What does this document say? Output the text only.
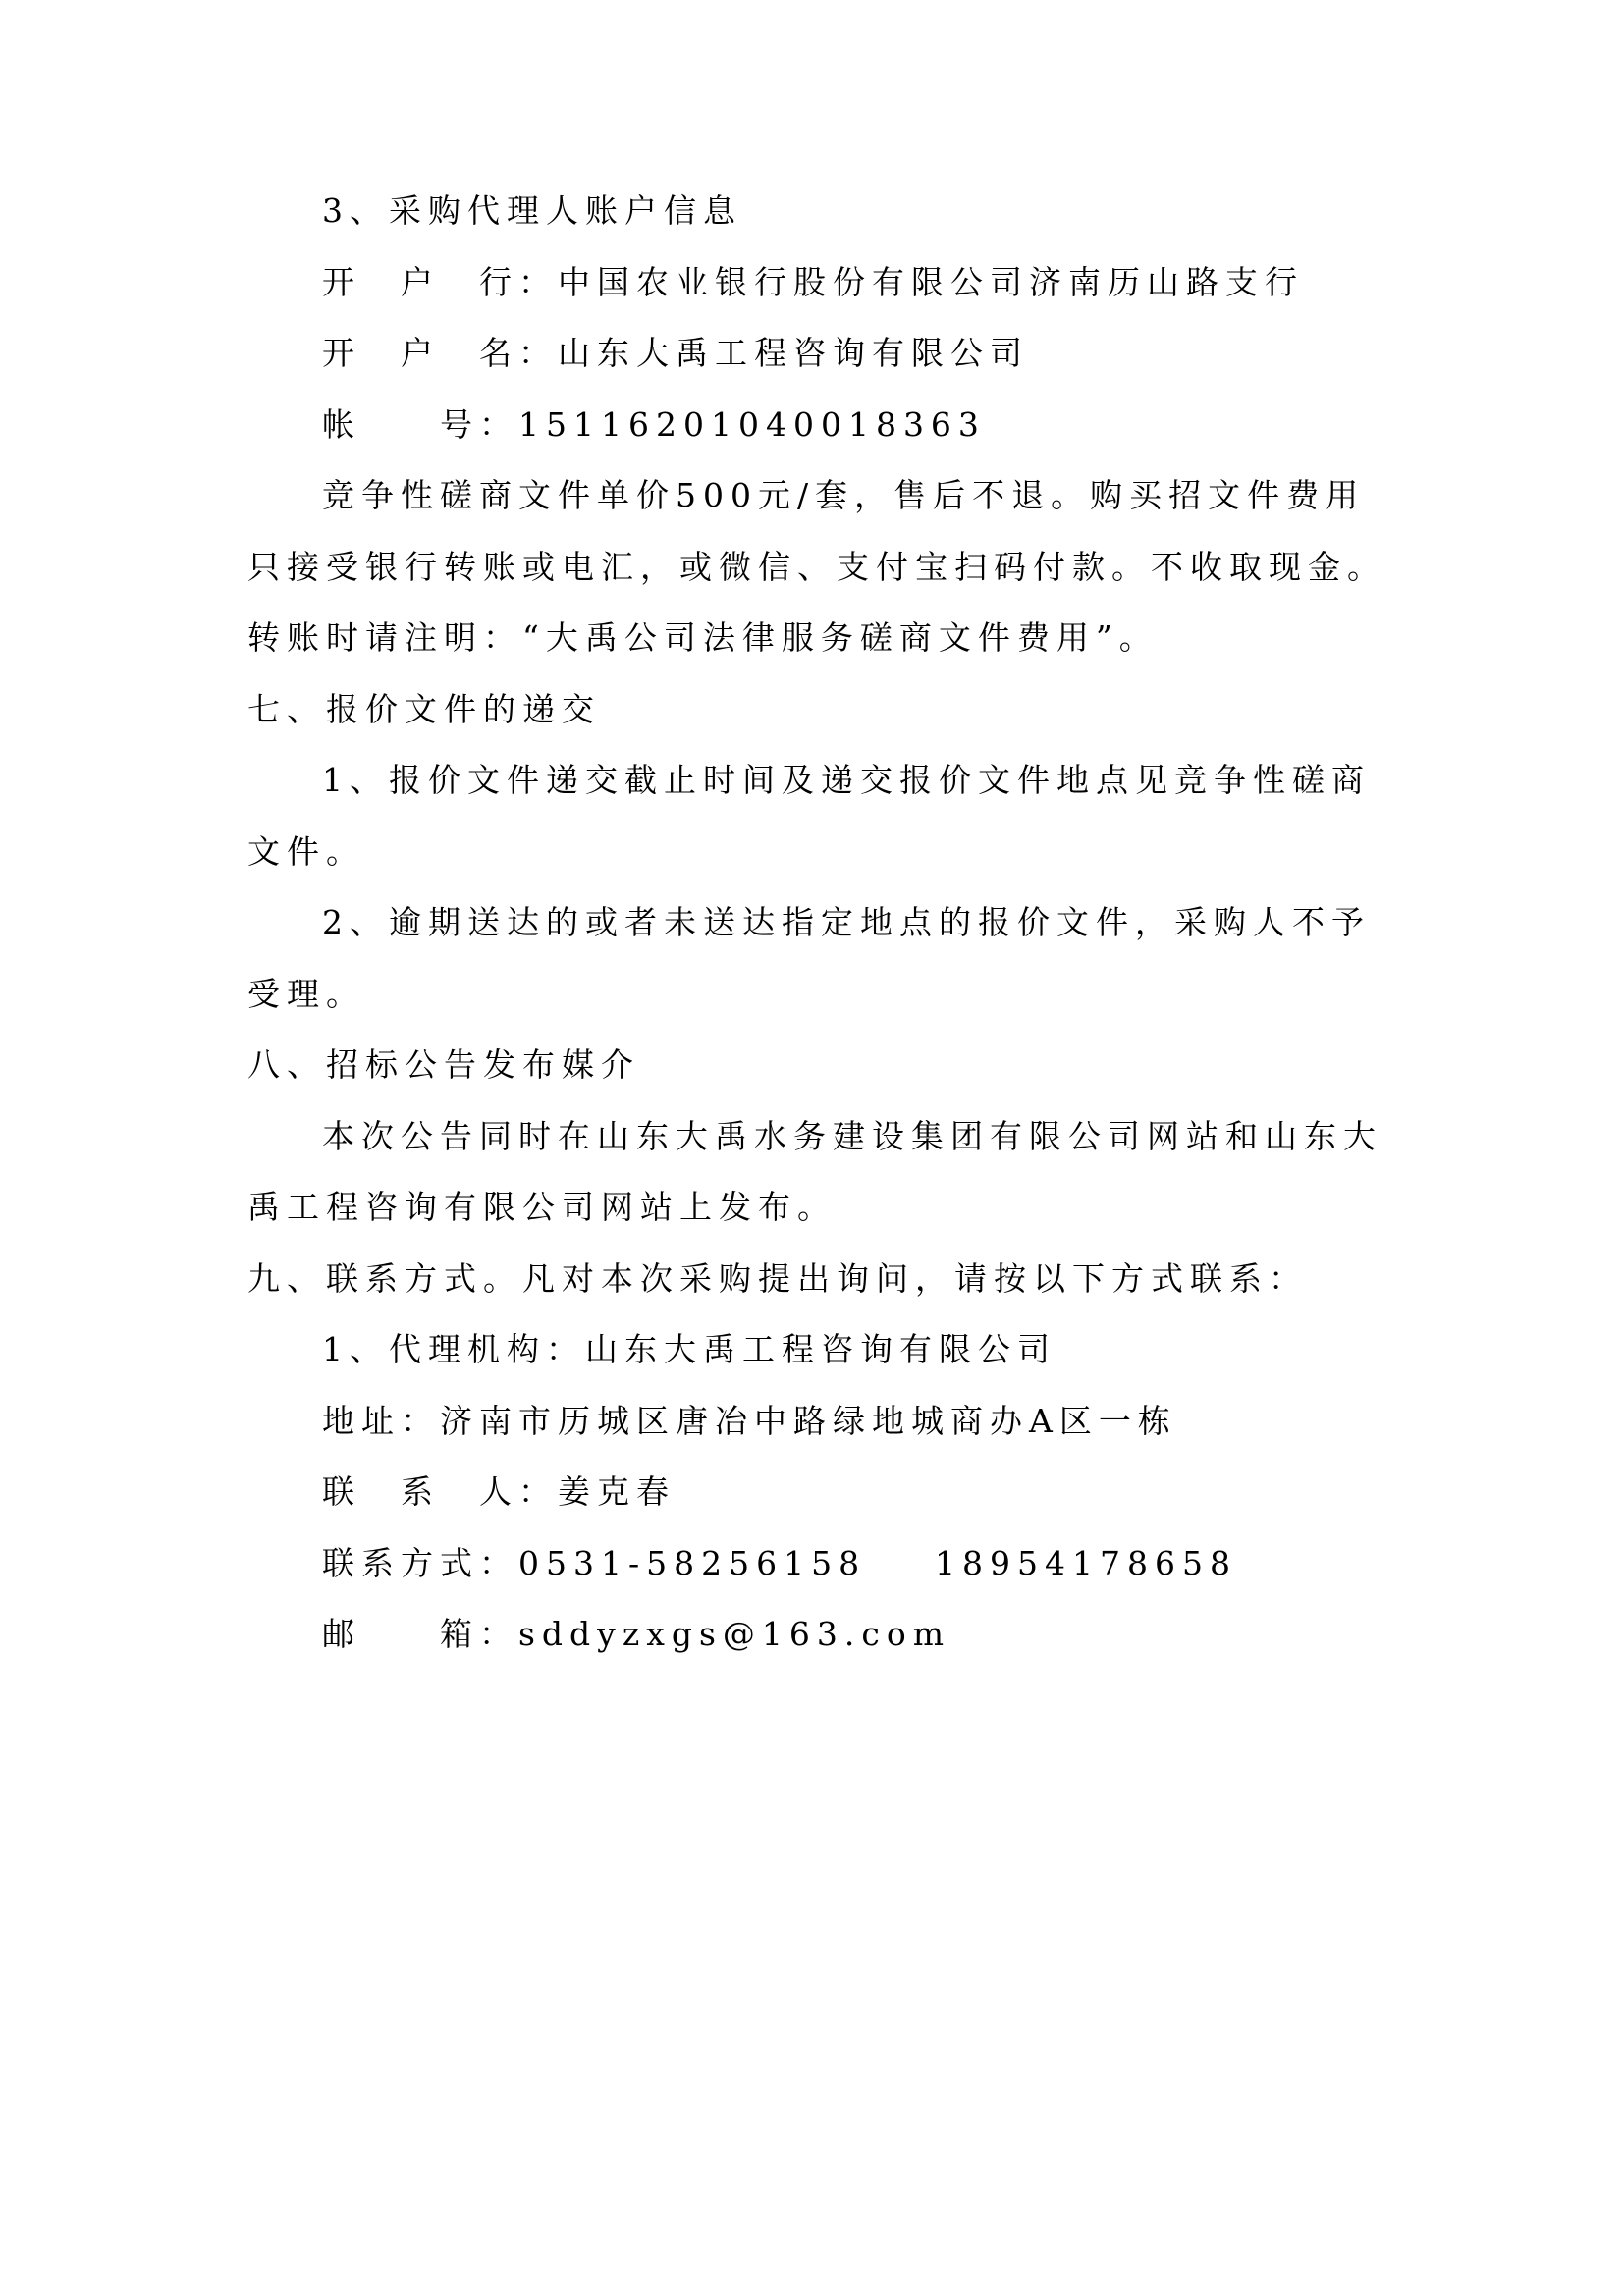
3、采购代理人账户信息
开　户　行：中国农业银行股份有限公司济南历山路支行
开　户　名：山东大禹工程咨询有限公司
帐　　号：15116201040018363
竞争性磋商文件单价500元/套，售后不退。购买招文件费用
只接受银行转账或电汇，或微信、支付宝扫码付款。不收取现金。
转账时请注明：“大禹公司法律服务磋商文件费用”。
七、报价文件的递交
1、报价文件递交截止时间及递交报价文件地点见竞争性磋商
文件。
2、逾期送达的或者未送达指定地点的报价文件，采购人不予
受理。
八、招标公告发布媒介
本次公告同时在山东大禹水务建设集团有限公司网站和山东大
禹工程咨询有限公司网站上发布。
九、联系方式。凡对本次采购提出询问，请按以下方式联系：
1、代理机构：山东大禹工程咨询有限公司
地址：济南市历城区唐冶中路绿地城商办A区一栋
联　系　人：姜克春
联系方式：0531-58256158    18954178658
邮　　箱：sddyzxgs@163.com
